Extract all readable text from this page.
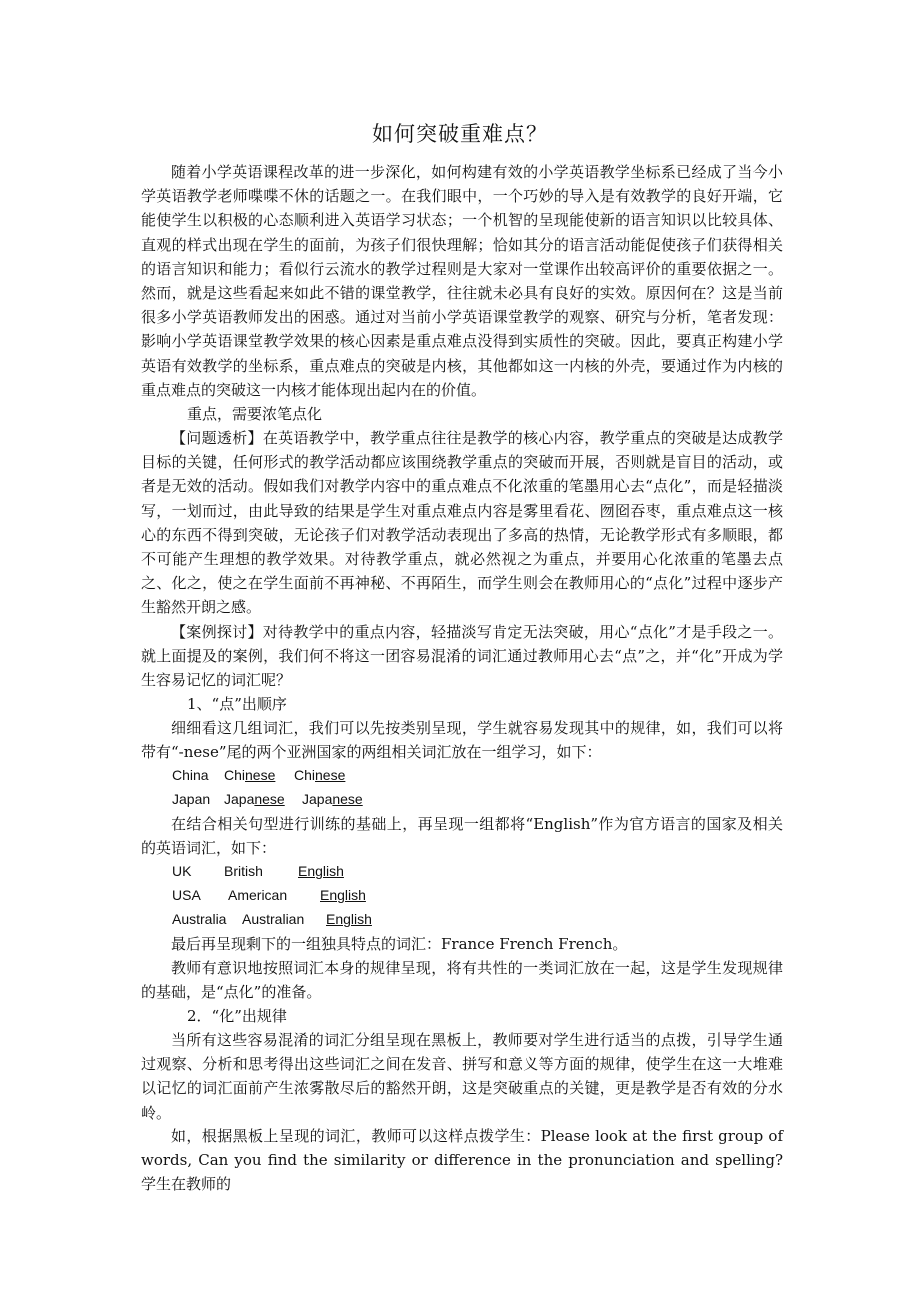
如何突破重难点？

随着小学英语课程改革的进一步深化，如何构建有效的小学英语教学坐标系已经成了当今小学英语教学老师喋喋不休的话题之一。在我们眼中，一个巧妙的导入是有效教学的良好开端，它能使学生以积极的心态顺利进入英语学习状态；一个机智的呈现能使新的语言知识以比较具体、直观的样式出现在学生的面前，为孩子们很快理解；恰如其分的语言活动能促使孩子们获得相关的语言知识和能力；看似行云流水的教学过程则是大家对一堂课作出较高评价的重要依据之一。然而，就是这些看起来如此不错的课堂教学，往往就未必具有良好的实效。原因何在？这是当前很多小学英语教师发出的困惑。通过对当前小学英语课堂教学的观察、研究与分析，笔者发现：影响小学英语课堂教学效果的核心因素是重点难点没得到实质性的突破。因此，要真正构建小学英语有效教学的坐标系，重点难点的突破是内核，其他都如这一内核的外壳，要通过作为内核的重点难点的突破这一内核才能体现出起内在的价值。

重点，需要浓笔点化

【问题透析】在英语教学中，教学重点往往是教学的核心内容，教学重点的突破是达成教学目标的关键，任何形式的教学活动都应该围绕教学重点的突破而开展，否则就是盲目的活动，或者是无效的活动。假如我们对教学内容中的重点难点不化浓重的笔墨用心去“点化”，而是轻描淡写，一划而过，由此导致的结果是学生对重点难点内容是雾里看花、囫囵吞枣，重点难点这一核心的东西不得到突破，无论孩子们对教学活动表现出了多高的热情，无论教学形式有多顺眼，都不可能产生理想的教学效果。对待教学重点，就必然视之为重点，并要用心化浓重的笔墨去点之、化之，使之在学生面前不再神秘、不再陌生，而学生则会在教师用心的“点化”过程中逐步产生豁然开朗之感。

【案例探讨】对待教学中的重点内容，轻描淡写肯定无法突破，用心“点化”才是手段之一。就上面提及的案例，我们何不将这一团容易混淆的词汇通过教师用心去“点”之，并“化”开成为学生容易记忆的词汇呢？

1、“点”出顺序

细细看这几组词汇，我们可以先按类别呈现，学生就容易发现其中的规律，如，我们可以将带有“-nese”尾的两个亚洲国家的两组相关词汇放在一组学习，如下：

China Chinese Chinese
Japan Japanese Japanese

在结合相关句型进行训练的基础上，再呈现一组都将“English”作为官方语言的国家及相关的英语词汇，如下：

UK British	English
USA American English
Australia Australian English

最后再呈现剩下的一组独具特点的词汇：France French French。

教师有意识地按照词汇本身的规律呈现，将有共性的一类词汇放在一起，这是学生发现规律的基础，是“点化”的准备。

2．“化”出规律

当所有这些容易混淆的词汇分组呈现在黑板上，教师要对学生进行适当的点拨，引导学生通过观察、分析和思考得出这些词汇之间在发音、拼写和意义等方面的规律，使学生在这一大堆难以记忆的词汇面前产生浓雾散尽后的豁然开朗，这是突破重点的关键，更是教学是否有效的分水岭。

如，根据黑板上呈现的词汇，教师可以这样点拨学生：Please look at the first group of words, Can you find the similarity or difference in the pronunciation and spelling? 学生在教师的
